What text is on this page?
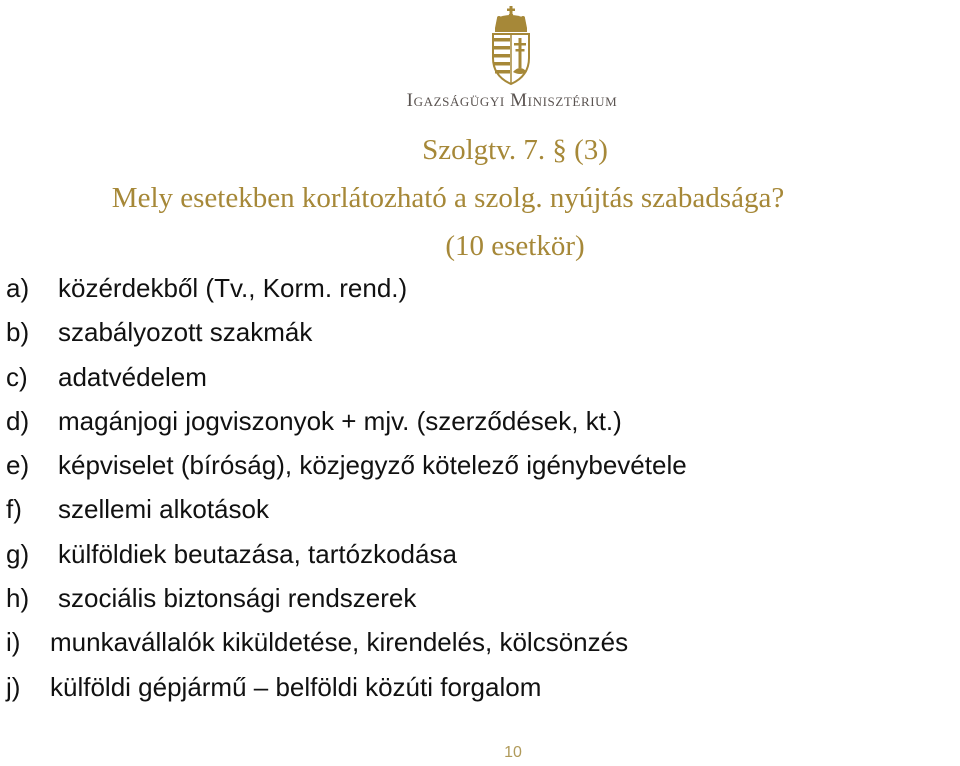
Igazságügyi Minisztérium
Szolgtv. 7. § (3)
Mely esetekben korlátozható a szolg. nyújtás szabadsága?
(10 esetkör)
a)	közérdekből (Tv., Korm. rend.)
b)	szabályozott szakmák
c)	adatvédelem
d)	magánjogi jogviszonyok + mjv. (szerződések, kt.)
e)	képviselet (bíróság), közjegyző kötelező igénybevétele
f)	szellemi alkotások
g)	külföldiek beutazása, tartózkodása
h)	szociális biztonsági rendszerek
i)	munkavállalók kiküldetése, kirendelés, kölcsönzés
j)	külföldi gépjármű – belföldi közúti forgalom
10
